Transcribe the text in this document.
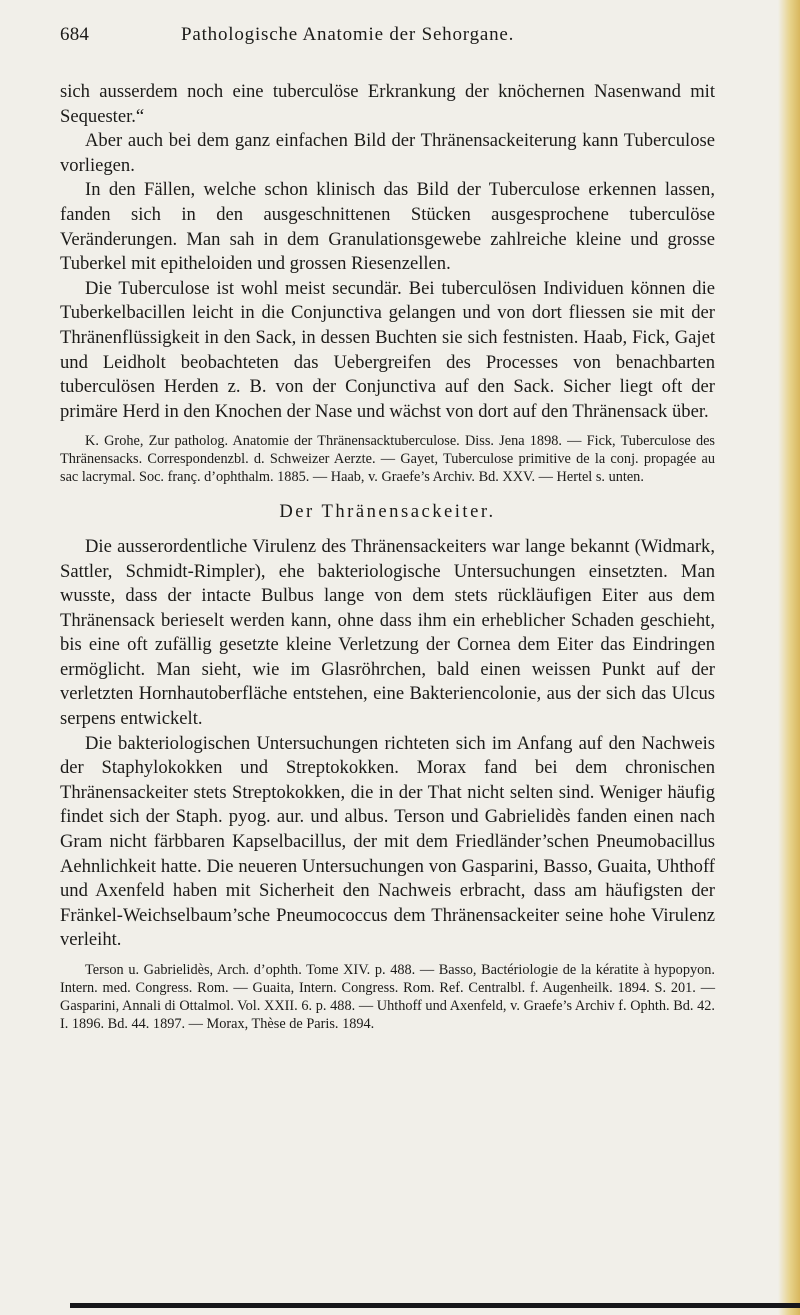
684	Pathologische Anatomie der Sehorgane.

sich ausserdem noch eine tuberculöse Erkrankung der knöchernen Nasenwand mit Sequester.“

Aber auch bei dem ganz einfachen Bild der Thränensackeiterung kann Tuberculose vorliegen.

In den Fällen, welche schon klinisch das Bild der Tuberculose erkennen lassen, fanden sich in den ausgeschnittenen Stücken ausgesprochene tuberculöse Veränderungen. Man sah in dem Granulationsgewebe zahlreiche kleine und grosse Tuberkel mit epitheloiden und grossen Riesenzellen.

Die Tuberculose ist wohl meist secundär. Bei tuberculösen Individuen können die Tuberkelbacillen leicht in die Conjunctiva gelangen und von dort fliessen sie mit der Thränenflüssigkeit in den Sack, in dessen Buchten sie sich festnisten. Haab, Fick, Gajet und Leidholt beobachteten das Uebergreifen des Processes von benachbarten tuberculösen Herden z. B. von der Conjunctiva auf den Sack. Sicher liegt oft der primäre Herd in den Knochen der Nase und wächst von dort auf den Thränensack über.

K. Grohe, Zur patholog. Anatomie der Thränensacktuberculose. Diss. Jena 1898. — Fick, Tuberculose des Thränensacks. Correspondenzbl. d. Schweizer Aerzte. — Gayet, Tuberculose primitive de la conj. propagée au sac lacrymal. Soc. franç. d’ophthalm. 1885. — Haab, v. Graefe’s Archiv. Bd. XXV. — Hertel s. unten.

Der Thränensackeiter.

Die ausserordentliche Virulenz des Thränensackeiters war lange bekannt (Widmark, Sattler, Schmidt-Rimpler), ehe bakteriologische Untersuchungen einsetzten. Man wusste, dass der intacte Bulbus lange von dem stets rückläufigen Eiter aus dem Thränensack berieselt werden kann, ohne dass ihm ein erheblicher Schaden geschieht, bis eine oft zufällig gesetzte kleine Verletzung der Cornea dem Eiter das Eindringen ermöglicht. Man sieht, wie im Glasröhrchen, bald einen weissen Punkt auf der verletzten Hornhautoberfläche entstehen, eine Bakteriencolonie, aus der sich das Ulcus serpens entwickelt.

Die bakteriologischen Untersuchungen richteten sich im Anfang auf den Nachweis der Staphylokokken und Streptokokken. Morax fand bei dem chronischen Thränensackeiter stets Streptokokken, die in der That nicht selten sind. Weniger häufig findet sich der Staph. pyog. aur. und albus. Terson und Gabrielidès fanden einen nach Gram nicht färbbaren Kapselbacillus, der mit dem Friedländer’schen Pneumobacillus Aehnlichkeit hatte. Die neueren Untersuchungen von Gasparini, Basso, Guaita, Uhthoff und Axenfeld haben mit Sicherheit den Nachweis erbracht, dass am häufigsten der Fränkel-Weichselbaum’sche Pneumococcus dem Thränensackeiter seine hohe Virulenz verleiht.

Terson u. Gabrielidès, Arch. d’ophth. Tome XIV. p. 488. — Basso, Bactériologie de la kératite à hypopyon. Intern. med. Congress. Rom. — Guaita, Intern. Congress. Rom. Ref. Centralbl. f. Augenheilk. 1894. S. 201. — Gasparini, Annali di Ottalmol. Vol. XXII. 6. p. 488. — Uhthoff und Axenfeld, v. Graefe’s Archiv f. Ophth. Bd. 42. I. 1896. Bd. 44. 1897. — Morax, Thèse de Paris. 1894.
